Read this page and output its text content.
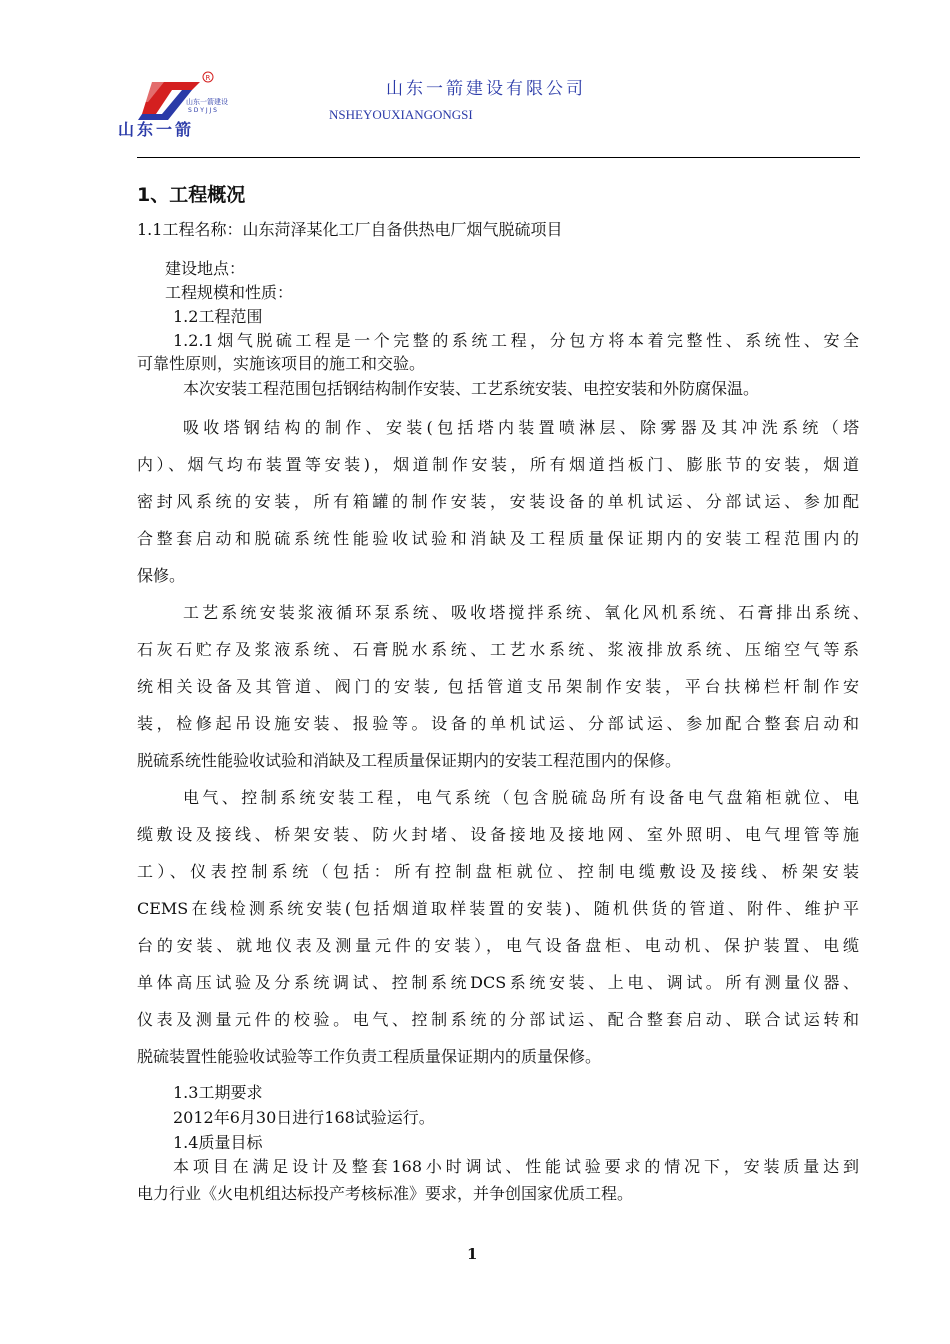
R
山东一箭建设
S D Y J J S
山东一箭
山东一箭建设有限公司
NSHEYOUXIANGONGSI
1、工程概况
1.1工程名称：山东菏泽某化工厂自备供热电厂烟气脱硫项目
建设地点：
工程规模和性质：
1.2工程范围
1.2.1烟气脱硫工程是一个完整的系统工程，分包方将本着完整性、系统性、安全
可靠性原则，实施该项目的施工和交验。
本次安装工程范围包括钢结构制作安装、工艺系统安装、电控安装和外防腐保温。
吸收塔钢结构的制作、安装(包括塔内装置喷淋层、除雾器及其冲洗系统（塔
内）、烟气均布装置等安装)，烟道制作安装，所有烟道挡板门、膨胀节的安装，烟道
密封风系统的安装，所有箱罐的制作安装，安装设备的单机试运、分部试运、参加配
合整套启动和脱硫系统性能验收试验和消缺及工程质量保证期内的安装工程范围内的
保修。
工艺系统安装浆液循环泵系统、吸收塔搅拌系统、氧化风机系统、石膏排出系统、
石灰石贮存及浆液系统、石膏脱水系统、工艺水系统、浆液排放系统、压缩空气等系
统相关设备及其管道、阀门的安装, 包括管道支吊架制作安装，平台扶梯栏杆制作安
装，检修起吊设施安装、报验等。设备的单机试运、分部试运、参加配合整套启动和
脱硫系统性能验收试验和消缺及工程质量保证期内的安装工程范围内的保修。
电气、控制系统安装工程，电气系统（包含脱硫岛所有设备电气盘箱柜就位、电
缆敷设及接线、桥架安装、防火封堵、设备接地及接地网、室外照明、电气埋管等施
工）、仪表控制系统（包括：所有控制盘柜就位、控制电缆敷设及接线、桥架安装
CEMS在线检测系统安装(包括烟道取样装置的安装)、随机供货的管道、附件、维护平
台的安装、就地仪表及测量元件的安装），电气设备盘柜、电动机、保护装置、电缆
单体高压试验及分系统调试、控制系统DCS系统安装、上电、调试。所有测量仪器、
仪表及测量元件的校验。电气、控制系统的分部试运、配合整套启动、联合试运转和
脱硫装置性能验收试验等工作负责工程质量保证期内的质量保修。
1.3工期要求
2012年6月30日进行168试验运行。
1.4质量目标
本项目在满足设计及整套168小时调试、性能试验要求的情况下，安装质量达到
电力行业《火电机组达标投产考核标准》要求，并争创国家优质工程。
1
